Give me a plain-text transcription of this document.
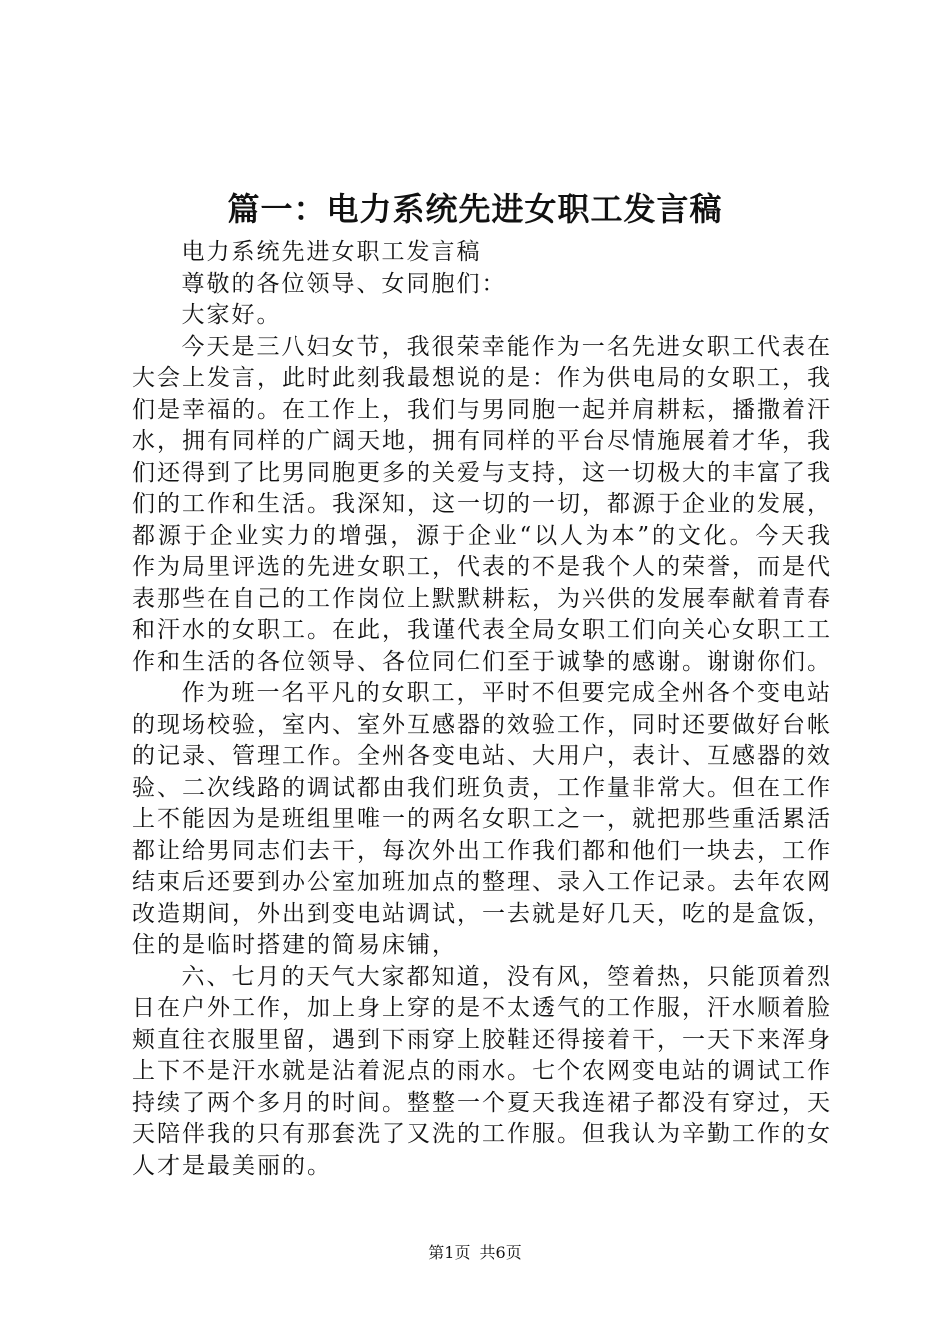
篇一：电力系统先进女职工发言稿

电力系统先进女职工发言稿

尊敬的各位领导、女同胞们：

大家好。

今天是三八妇女节，我很荣幸能作为一名先进女职工代表在大会上发言，此时此刻我最想说的是：作为供电局的女职工，我们是幸福的。在工作上，我们与男同胞一起并肩耕耘，播撒着汗水，拥有同样的广阔天地，拥有同样的平台尽情施展着才华，我们还得到了比男同胞更多的关爱与支持，这一切极大的丰富了我们的工作和生活。我深知，这一切的一切，都源于企业的发展，都源于企业实力的增强，源于企业“以人为本”的文化。今天我作为局里评选的先进女职工，代表的不是我个人的荣誉，而是代表那些在自己的工作岗位上默默耕耘，为兴供的发展奉献着青春和汗水的女职工。在此，我谨代表全局女职工们向关心女职工工作和生活的各位领导、各位同仁们至于诚挚的感谢。谢谢你们。

作为班一名平凡的女职工，平时不但要完成全州各个变电站的现场校验，室内、室外互感器的效验工作，同时还要做好台帐的记录、管理工作。全州各变电站、大用户，表计、互感器的效验、二次线路的调试都由我们班负责，工作量非常大。但在工作上不能因为是班组里唯一的两名女职工之一，就把那些重活累活都让给男同志们去干，每次外出工作我们都和他们一块去，工作结束后还要到办公室加班加点的整理、录入工作记录。去年农网改造期间，外出到变电站调试，一去就是好几天，吃的是盒饭，住的是临时搭建的简易床铺，

六、七月的天气大家都知道，没有风，箜着热，只能顶着烈日在户外工作，加上身上穿的是不太透气的工作服，汗水顺着脸颊直往衣服里留，遇到下雨穿上胶鞋还得接着干，一天下来浑身上下不是汗水就是沾着泥点的雨水。七个农网变电站的调试工作持续了两个多月的时间。整整一个夏天我连裙子都没有穿过，天天陪伴我的只有那套洗了又洗的工作服。但我认为辛勤工作的女人才是最美丽的。

第1页 共6页
